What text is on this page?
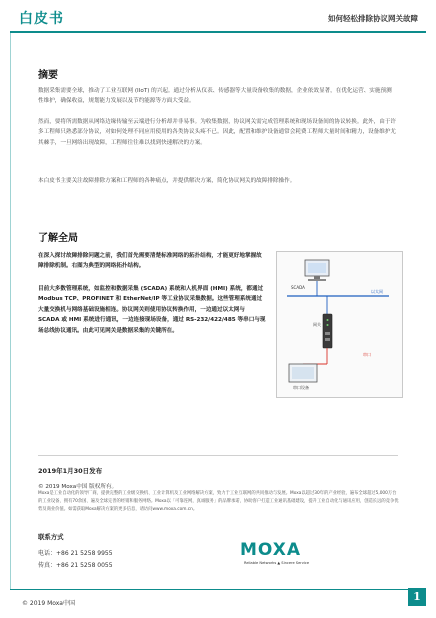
白皮书	如何轻松排除协议网关故障
摘要
数据采集需要全球，推动了工业互联网 (IIoT) 的兴起。通过分析从仪表、传感器等大量设备收集的数据，企业依效显著，在优化运营、实施预测性维护，确保收益，规划能力发展以及节约能源等方面大受益。
然而，要将所需数据从网络边缘传输至云端进行分析却并非易事。为收集数据，协议网关需完成管理系统和现场设备间的协议转换。此外，由于许多工程师只熟悉部分协议，对如何处理不同应用使用的各类协议头疼不已。因此，配置和维护设备通常会耗费工程师大量时间和精力，设备维护尤其棘手，一旦网络出现故障，工程师往往难以找到快速解决的方案。
本白皮书主要关注故障排除方案和工程师的各种痛点，并提供解决方案，简化协议网关的故障排除操作。
了解全局
在深入探讨故障排除问题之前，我们首先需要清楚标准网络的拓扑结构，才能更好地掌握故障排除机制。右图为典型的网络拓扑结构。
目前大多数管理系统，如监控和数据采集 (SCADA) 系统和人机界面 (HMI) 系统，都通过 Modbus TCP、PROFINET 和 EtherNet/IP 等工业协议采集数据。这些管理系统通过大量交换机与网络基础设施相连。协议网关则使用协议转换作用，一边通过以太网与 SCADA 或 HMI 系统进行通讯，一边连接现场设备，通过 RS-232/422/485 等串口与现场总线协议通讯。由此可见网关是数据采集的关键所在。
SCADA
以太网
网关
串口
串口设备
2019年1月30日发布
© 2019 Moxa中国 版权所有。
Moxa是工业自动化的领导厂商，提供完整的工业级交换机、工业计算机及工业网络解决方案，致力于工业互联网的共同推动与发展。Moxa以超过30年的产业经验，遍布全球超过5,000万台的工业设备，拥有70余国、遍及全球完善的经销和服务网络。Moxa以「可靠连网，真诚服务」的品牌承诺，协助客户打造工业通讯基础建设，提升工业自动化与通讯应用，创造长远的竞争优势及商业价值。如需获取Moxa解决方案的更多信息，请访问www.moxa.com.cn。
联系方式
电话：+86 21 5258 9955
传真：+86 21 5258 0055
MOXA
Reliable Networks ▲ Sincere Service
© 2019 Moxa中国
1
